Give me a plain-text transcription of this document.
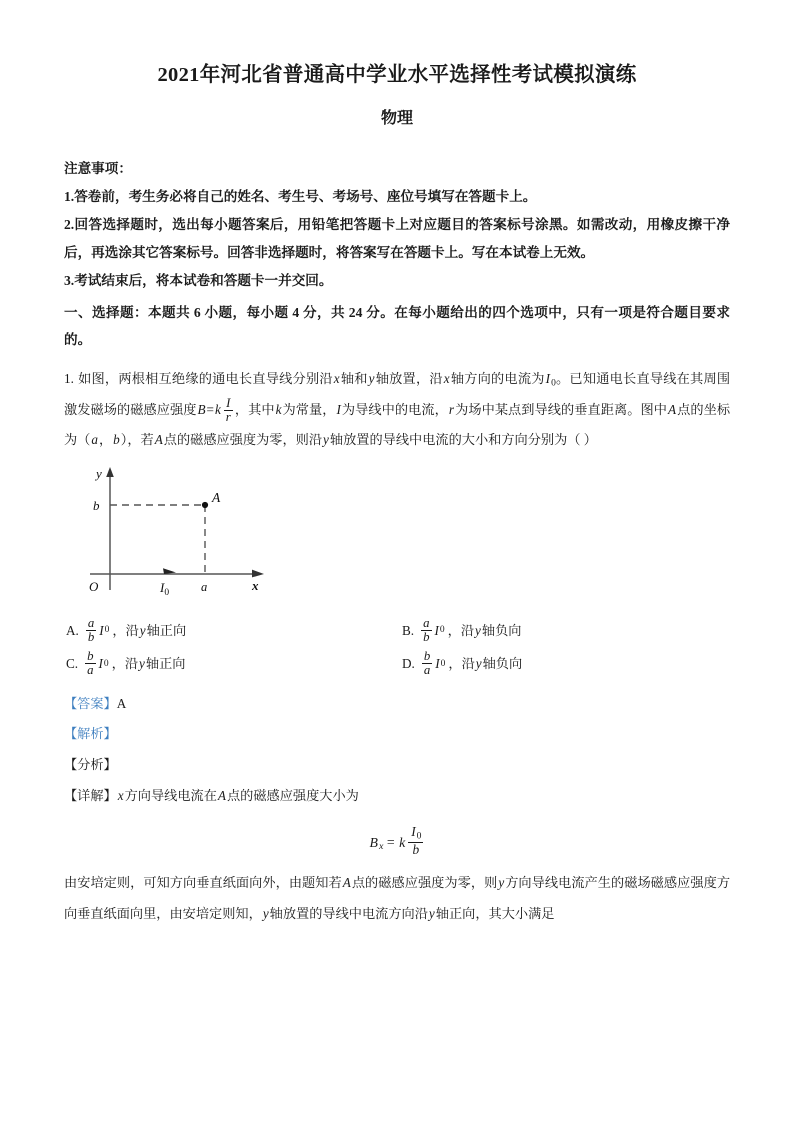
2021年河北省普通高中学业水平选择性考试模拟演练
物理
注意事项：
1.答卷前，考生务必将自己的姓名、考生号、考场号、座位号填写在答题卡上。
2.回答选择题时，选出每小题答案后，用铅笔把答题卡上对应题目的答案标号涂黑。如需改动，用橡皮擦干净后，再选涂其它答案标号。回答非选择题时，将答案写在答题卡上。写在本试卷上无效。
3.考试结束后，将本试卷和答题卡一并交回。
一、选择题：本题共 6 小题，每小题 4 分，共 24 分。在每小题给出的四个选项中，只有一项是符合题目要求的。
1. 如图，两根相互绝缘的通电长直导线分别沿x轴和y轴放置，沿x轴方向的电流为I0。已知通电长直导线在其周围激发磁场的磁感应强度$B=k \frac{I}{r}$ ，其中k为常量，I为导线中的电流，r为场中某点到导线的垂直距离。图中A点的坐标为（a，b），若A点的磁感应强度为零，则沿y轴放置的导线中电流的大小和方向分别为（ ）
y
x
O
b
a
$I_0$
A
A. $\frac{a}{b}$ I 0 ，沿 y 轴正向	B. $\frac{a}{b}$ I 0 ，沿 y 轴负向
C. $\frac{b}{a}$ I 0 ，沿 y 轴正向	D. $\frac{b}{a}$ I 0 ，沿 y 轴负向
【答案】A
【解析】
【分析】
【详解】x方向导线电流在A点的磁感应强度大小为
$B_x = k \frac{I0}{b}$
由安培定则，可知方向垂直纸面向外，由题知若A点的磁感应强度为零，则y方向导线电流产生的磁场磁感应强度方向垂直纸面向里，由安培定则知，y轴放置的导线中电流方向沿y轴正向，其大小满足
